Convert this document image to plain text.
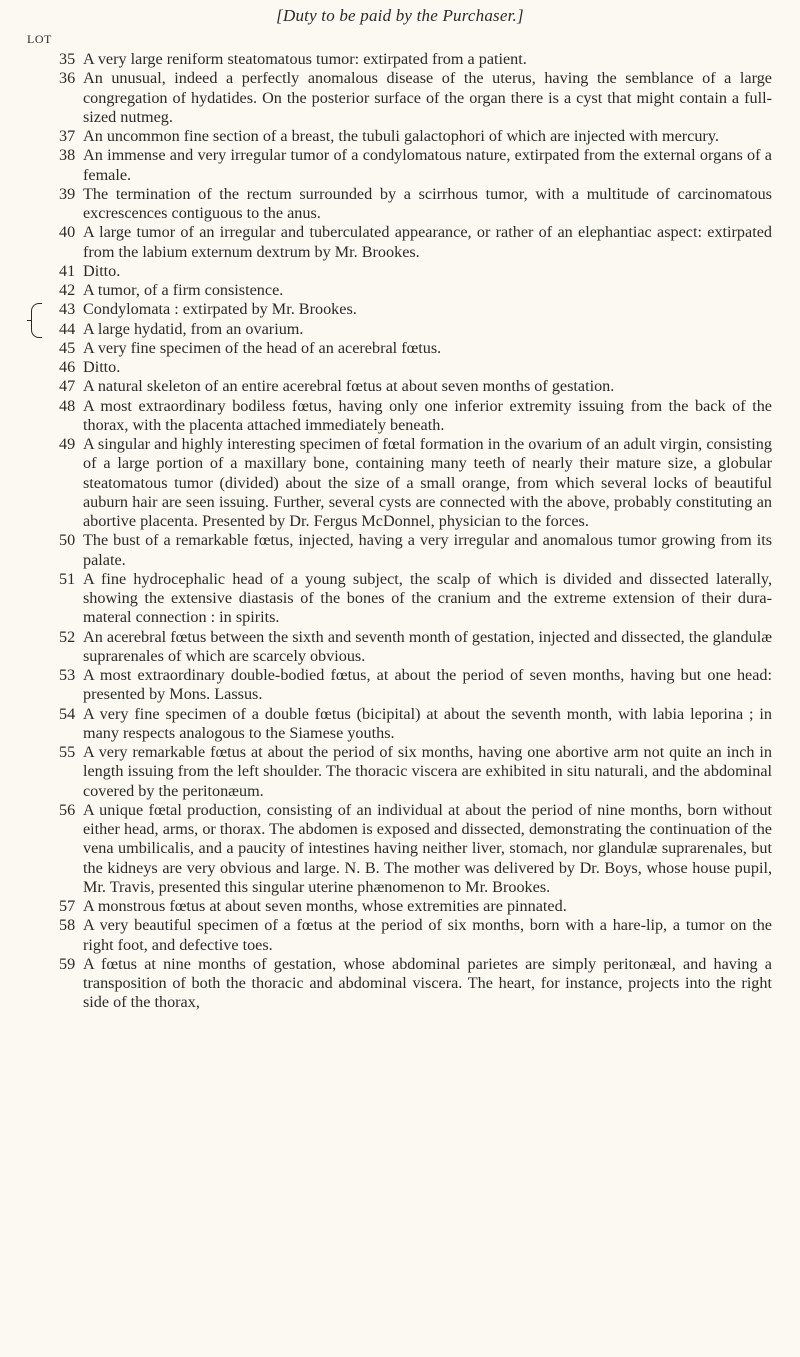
[Duty to be paid by the Purchaser.]
LOT

35 A very large reniform steatomatous tumor: extirpated from a patient.

36 An unusual, indeed a perfectly anomalous disease of the uterus, having the semblance of a large congregation of hydatides. On the posterior surface of the organ there is a cyst that might contain a full-sized nutmeg.

37 An uncommon fine section of a breast, the tubuli galactophori of which are injected with mercury.

38 An immense and very irregular tumor of a condylomatous nature, extirpated from the external organs of a female.

39 The termination of the rectum surrounded by a scirrhous tumor, with a multitude of carcinomatous excrescences contiguous to the anus.

40 A large tumor of an irregular and tuberculated appearance, or rather of an elephantiac aspect: extirpated from the labium externum dextrum by Mr. Brookes.

41 Ditto.

42 A tumor, of a firm consistence.

43 Condylomata : extirpated by Mr. Brookes.

44 A large hydatid, from an ovarium.

45 A very fine specimen of the head of an acerebral fœtus.

46 Ditto.

47 A natural skeleton of an entire acerebral fœtus at about seven months of gestation.

48 A most extraordinary bodiless fœtus, having only one inferior extremity issuing from the back of the thorax, with the placenta attached immediately beneath.

49 A singular and highly interesting specimen of fœtal formation in the ovarium of an adult virgin, consisting of a large portion of a maxillary bone, containing many teeth of nearly their mature size, a globular steatomatous tumor (divided) about the size of a small orange, from which several locks of beautiful auburn hair are seen issuing. Further, several cysts are connected with the above, probably constituting an abortive placenta. Presented by Dr. Fergus McDonnel, physician to the forces.

50 The bust of a remarkable fœtus, injected, having a very irregular and anomalous tumor growing from its palate.

51 A fine hydrocephalic head of a young subject, the scalp of which is divided and dissected laterally, showing the extensive diastasis of the bones of the cranium and the extreme extension of their dura-materal connection : in spirits.

52 An acerebral fœtus between the sixth and seventh month of gestation, injected and dissected, the glandulæ suprarenales of which are scarcely obvious.

53 A most extraordinary double-bodied fœtus, at about the period of seven months, having but one head: presented by Mons. Lassus.

54 A very fine specimen of a double fœtus (bicipital) at about the seventh month, with labia leporina ; in many respects analogous to the Siamese youths.

55 A very remarkable fœtus at about the period of six months, having one abortive arm not quite an inch in length issuing from the left shoulder. The thoracic viscera are exhibited in situ naturali, and the abdominal covered by the peritonæum.

56 A unique fœtal production, consisting of an individual at about the period of nine months, born without either head, arms, or thorax. The abdomen is exposed and dissected, demonstrating the continuation of the vena umbilicalis, and a paucity of intestines having neither liver, stomach, nor glandulæ suprarenales, but the kidneys are very obvious and large. N. B. The mother was delivered by Dr. Boys, whose house pupil, Mr. Travis, presented this singular uterine phænomenon to Mr. Brookes.

57 A monstrous fœtus at about seven months, whose extremities are pinnated.

58 A very beautiful specimen of a fœtus at the period of six months, born with a hare-lip, a tumor on the right foot, and defective toes.

59 A fœtus at nine months of gestation, whose abdominal parietes are simply peritonæal, and having a transposition of both the thoracic and abdominal viscera. The heart, for instance, projects into the right side of the thorax,
